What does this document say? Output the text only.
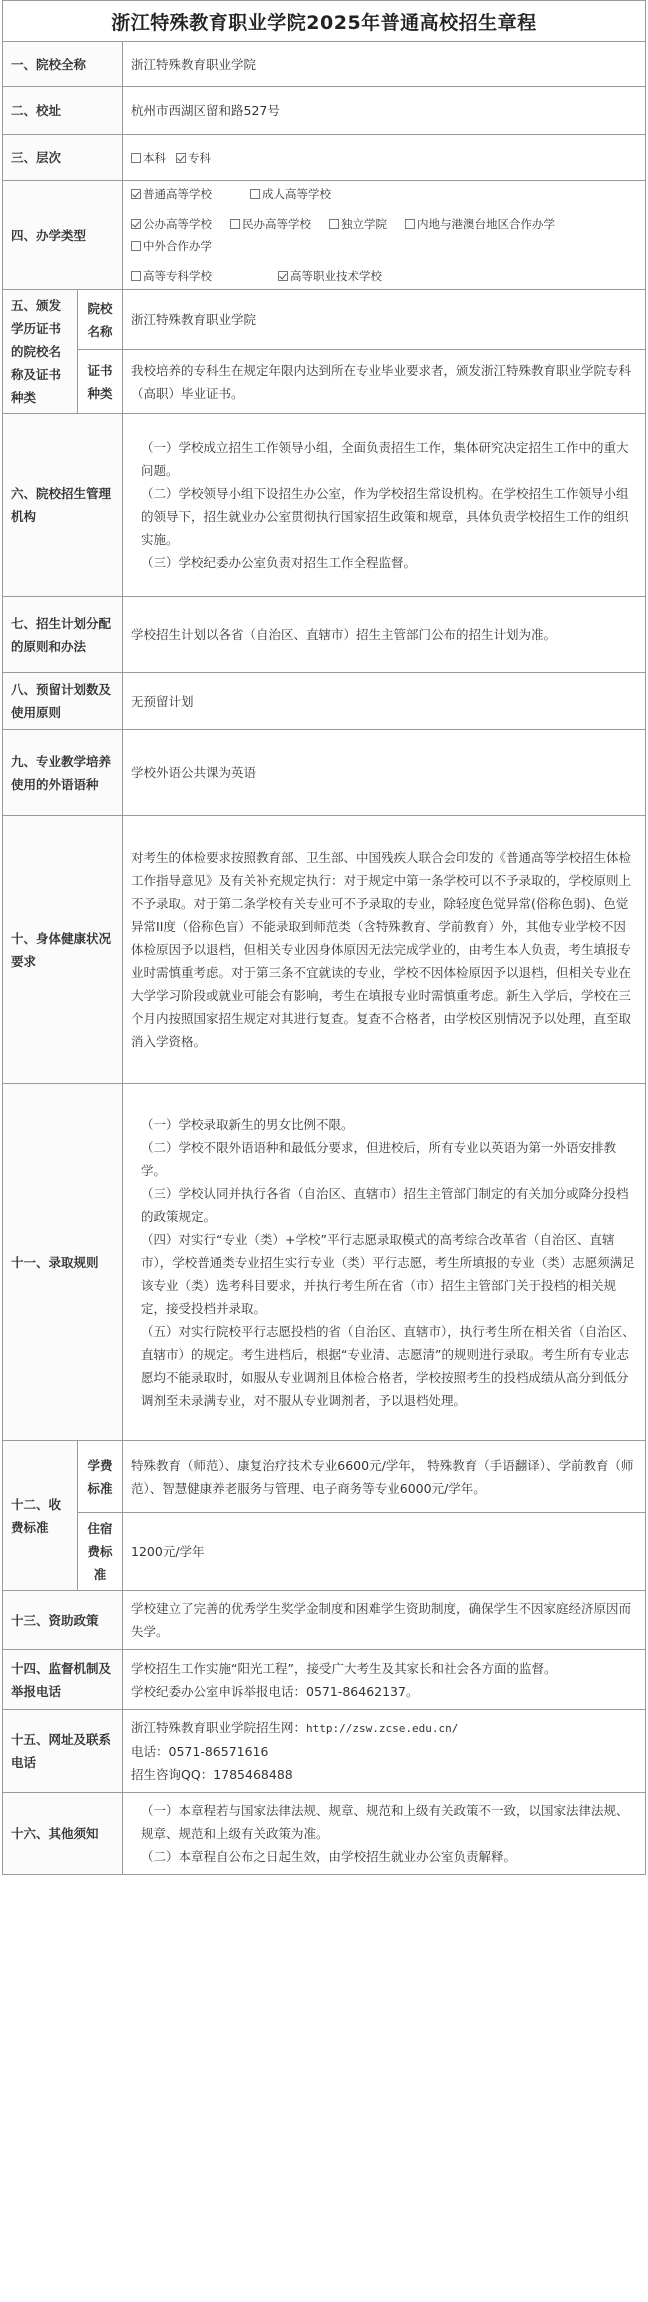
浙江特殊教育职业学院2025年普通高校招生章程
一、院校全称		浙江特殊教育职业学院
二、校址		杭州市西湖区留和路527号
三、层次		本科 专科
四、办学类型		普通高等学校 成人高等学校
公办高等学校 民办高等学校 独立学院 内地与港澳台地区合作办学
中外合作办学
高等专科学校 高等职业技术学校

五、颁发学历证书的院校名称及证书种类	院校名称	浙江特殊教育职业学院
	证书种类	我校培养的专科生在规定年限内达到所在专业毕业要求者，颁发浙江特殊教育职业学院专科（高职）毕业证书。
六、院校招生管理机构		（一）学校成立招生工作领导小组，全面负责招生工作，集体研究决定招生工作中的重大问题。

（二）学校领导小组下设招生办公室，作为学校招生常设机构。在学校招生工作领导小组的领导下，招生就业办公室贯彻执行国家招生政策和规章，具体负责学校招生工作的组织实施。

（三）学校纪委办公室负责对招生工作全程监督。

七、招生计划分配的原则和办法		学校招生计划以各省（自治区、直辖市）招生主管部门公布的招生计划为准。
八、预留计划数及使用原则		无预留计划
九、专业教学培养使用的外语语种		学校外语公共课为英语
十、身体健康状况要求		对考生的体检要求按照教育部、卫生部、中国残疾人联合会印发的《普通高等学校招生体检工作指导意见》及有关补充规定执行：对于规定中第一条学校可以不予录取的，学校原则上不予录取。对于第二条学校有关专业可不予录取的专业，除轻度色觉异常(俗称色弱)、色觉异常II度（俗称色盲）不能录取到师范类（含特殊教育、学前教育）外，其他专业学校不因体检原因予以退档，但相关专业因身体原因无法完成学业的，由考生本人负责，考生填报专业时需慎重考虑。对于第三条不宜就读的专业，学校不因体检原因予以退档，但相关专业在大学学习阶段或就业可能会有影响，考生在填报专业时需慎重考虑。新生入学后，学校在三个月内按照国家招生规定对其进行复查。复查不合格者，由学校区别情况予以处理，直至取消入学资格。
十一、录取规则		（一）学校录取新生的男女比例不限。

（二）学校不限外语语种和最低分要求，但进校后，所有专业以英语为第一外语安排教学。

（三）学校认同并执行各省（自治区、直辖市）招生主管部门制定的有关加分或降分投档的政策规定。

（四）对实行“专业（类）+学校”平行志愿录取模式的高考综合改革省（自治区、直辖市），学校普通类专业招生实行专业（类）平行志愿，考生所填报的专业（类）志愿须满足该专业（类）选考科目要求，并执行考生所在省（市）招生主管部门关于投档的相关规定，接受投档并录取。

（五）对实行院校平行志愿投档的省（自治区、直辖市），执行考生所在相关省（自治区、直辖市）的规定。考生进档后，根据“专业清、志愿清”的规则进行录取。考生所有专业志愿均不能录取时，如服从专业调剂且体检合格者，学校按照考生的投档成绩从高分到低分调剂至未录满专业，对不服从专业调剂者，予以退档处理。

十二、收费标准	学费标准	特殊教育（师范）、康复治疗技术专业6600元/学年， 特殊教育（手语翻译）、学前教育（师范）、智慧健康养老服务与管理、电子商务等专业6000元/学年。
	住宿费标准	1200元/学年
十三、资助政策		学校建立了完善的优秀学生奖学金制度和困难学生资助制度，确保学生不因家庭经济原因而失学。
十四、监督机制及举报电话		学校招生工作实施“阳光工程”，接受广大考生及其家长和社会各方面的监督。
学校纪委办公室申诉举报电话：0571-86462137。

十五、网址及联系电话		浙江特殊教育职业学院招生网：http://zsw.zcse.edu.cn/
电话：0571-86571616
招生咨询QQ：1785468488

十六、其他须知		（一）本章程若与国家法律法规、规章、规范和上级有关政策不一致，以国家法律法规、规章、规范和上级有关政策为准。

（二）本章程自公布之日起生效，由学校招生就业办公室负责解释。
